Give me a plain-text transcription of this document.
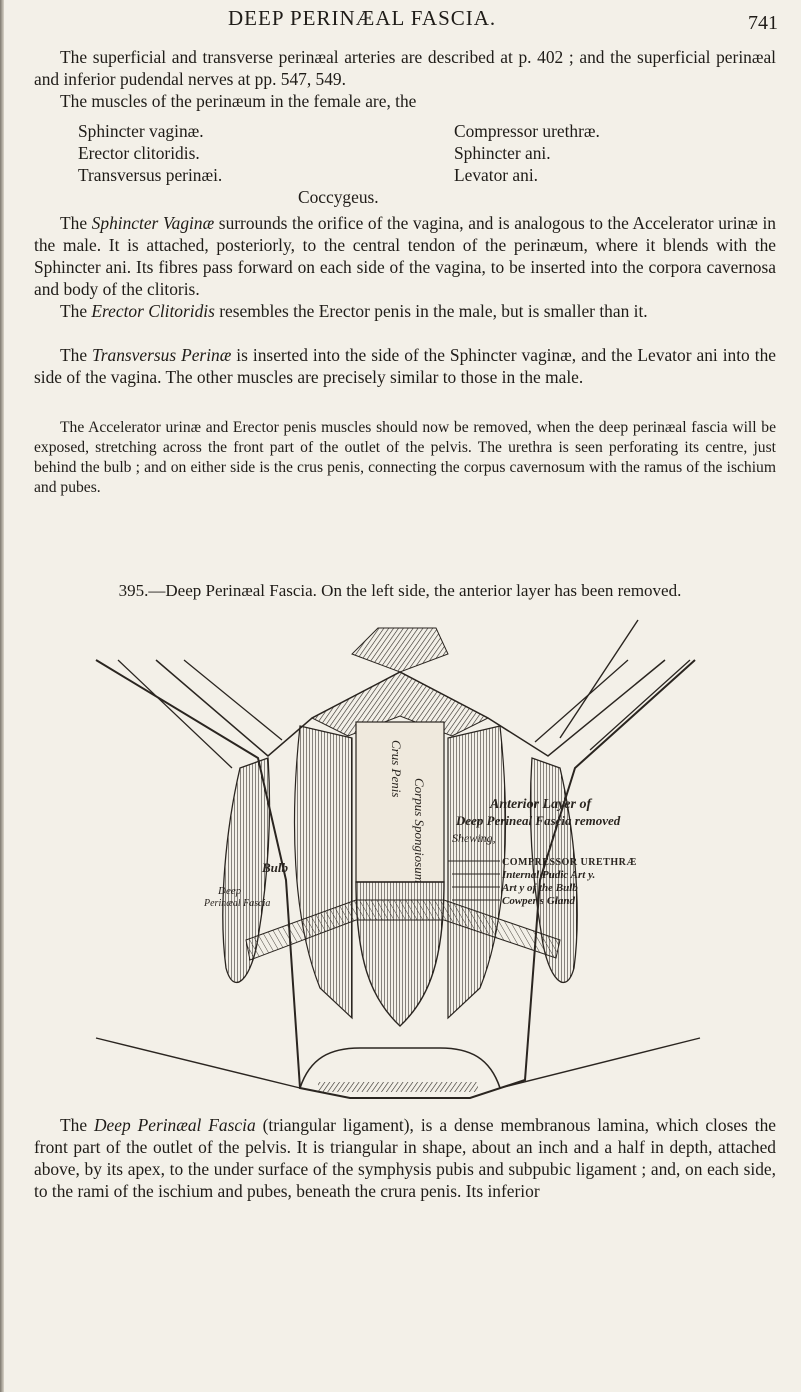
DEEP PERINÆAL FASCIA.	741

The superficial and transverse perinæal arteries are described at p. 402 ; and the superficial perinæal and inferior pudendal nerves at pp. 547, 549.

The muscles of the perinæum in the female are, the

Sphincter vaginæ.
Erector clitoridis.
Transversus perinæi.
Compressor urethræ.
Sphincter ani.
Levator ani.
Coccygeus.

The Sphincter Vaginæ surrounds the orifice of the vagina, and is analogous to the Accelerator urinæ in the male. It is attached, posteriorly, to the central tendon of the perinæum, where it blends with the Sphincter ani. Its fibres pass forward on each side of the vagina, to be inserted into the corpora cavernosa and body of the clitoris.

The Erector Clitoridis resembles the Erector penis in the male, but is smaller than it.

The Transversus Perinæ is inserted into the side of the Sphincter vaginæ, and the Levator ani into the side of the vagina. The other muscles are precisely similar to those in the male.

The Accelerator urinæ and Erector penis muscles should now be removed, when the deep perinæal fascia will be exposed, stretching across the front part of the outlet of the pelvis. The urethra is seen perforating its centre, just behind the bulb ; and on either side is the crus penis, connecting the corpus cavernosum with the ramus of the ischium and pubes.

395.—Deep Perinæal Fascia. On the left side, the anterior layer has been removed.
Corpus Spongiosum
Crus Penis
Bulb
Deep
Perinæal Fascia
Anterior Layer of
Deep Perineal Fascia removed
Shewing,
COMPRESSOR URETHRÆ
Internal Pudic Art y.
Art y of the Bulb
Cowper's Gland

The Deep Perinæal Fascia (triangular ligament), is a dense membranous lamina, which closes the front part of the outlet of the pelvis. It is triangular in shape, about an inch and a half in depth, attached above, by its apex, to the under surface of the symphysis pubis and subpubic ligament ; and, on each side, to the rami of the ischium and pubes, beneath the crura penis. Its inferior
